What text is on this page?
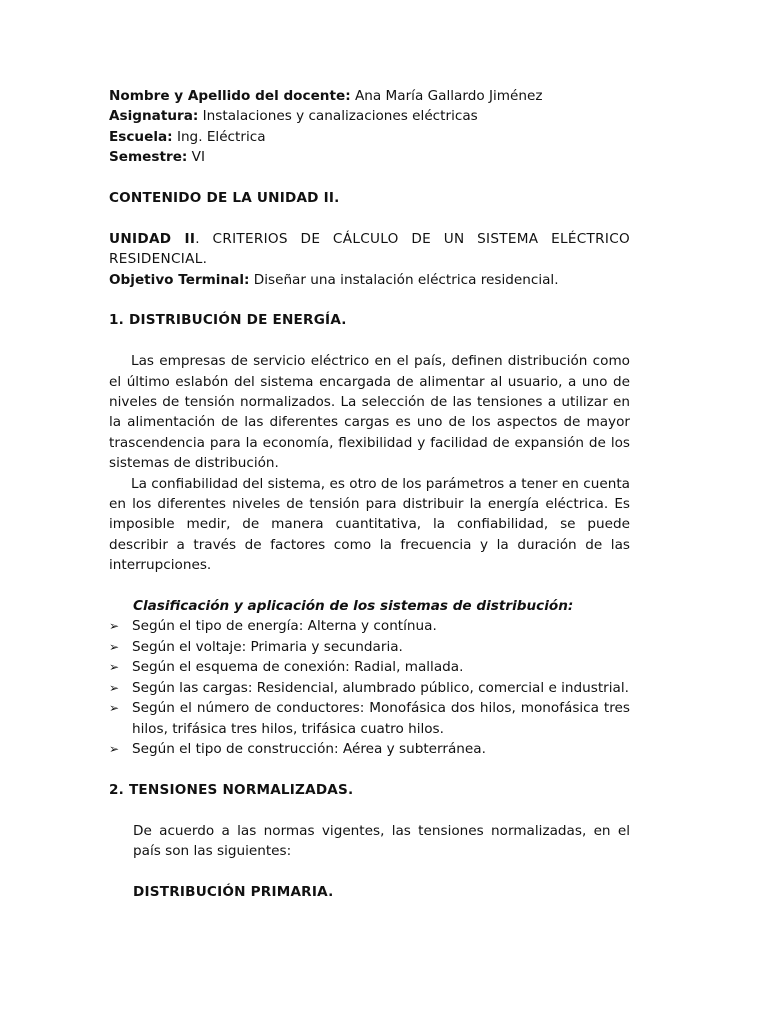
Nombre y Apellido del docente: Ana María Gallardo Jiménez
Asignatura: Instalaciones y canalizaciones eléctricas
Escuela: Ing. Eléctrica
Semestre: VI
CONTENIDO DE LA UNIDAD II.
UNIDAD II. CRITERIOS DE CÁLCULO DE UN SISTEMA ELÉCTRICO RESIDENCIAL.
Objetivo Terminal: Diseñar una instalación eléctrica residencial.
1. DISTRIBUCIÓN DE ENERGÍA.
Las empresas de servicio eléctrico en el país, definen distribución como el último eslabón del sistema encargada de alimentar al usuario, a uno de niveles de tensión normalizados. La selección de las tensiones a utilizar en la alimentación de las diferentes cargas es uno de los aspectos de mayor trascendencia para la economía, flexibilidad y facilidad de expansión de los sistemas de distribución.
La confiabilidad del sistema, es otro de los parámetros a tener en cuenta en los diferentes niveles de tensión para distribuir la energía eléctrica. Es imposible medir, de manera cuantitativa, la confiabilidad, se puede describir a través de factores como la frecuencia y la duración de las interrupciones.
Clasificación y aplicación de los sistemas de distribución:
➢ Según el tipo de energía: Alterna y contínua.
➢ Según el voltaje: Primaria y secundaria.
➢ Según el esquema de conexión: Radial, mallada.
➢ Según las cargas: Residencial, alumbrado público, comercial e industrial.
➢ Según el número de conductores: Monofásica dos hilos, monofásica tres hilos, trifásica tres hilos, trifásica cuatro hilos.
➢ Según el tipo de construcción: Aérea y subterránea.
2. TENSIONES NORMALIZADAS.
De acuerdo a las normas vigentes, las tensiones normalizadas, en el país son las siguientes:
DISTRIBUCIÓN PRIMARIA.
